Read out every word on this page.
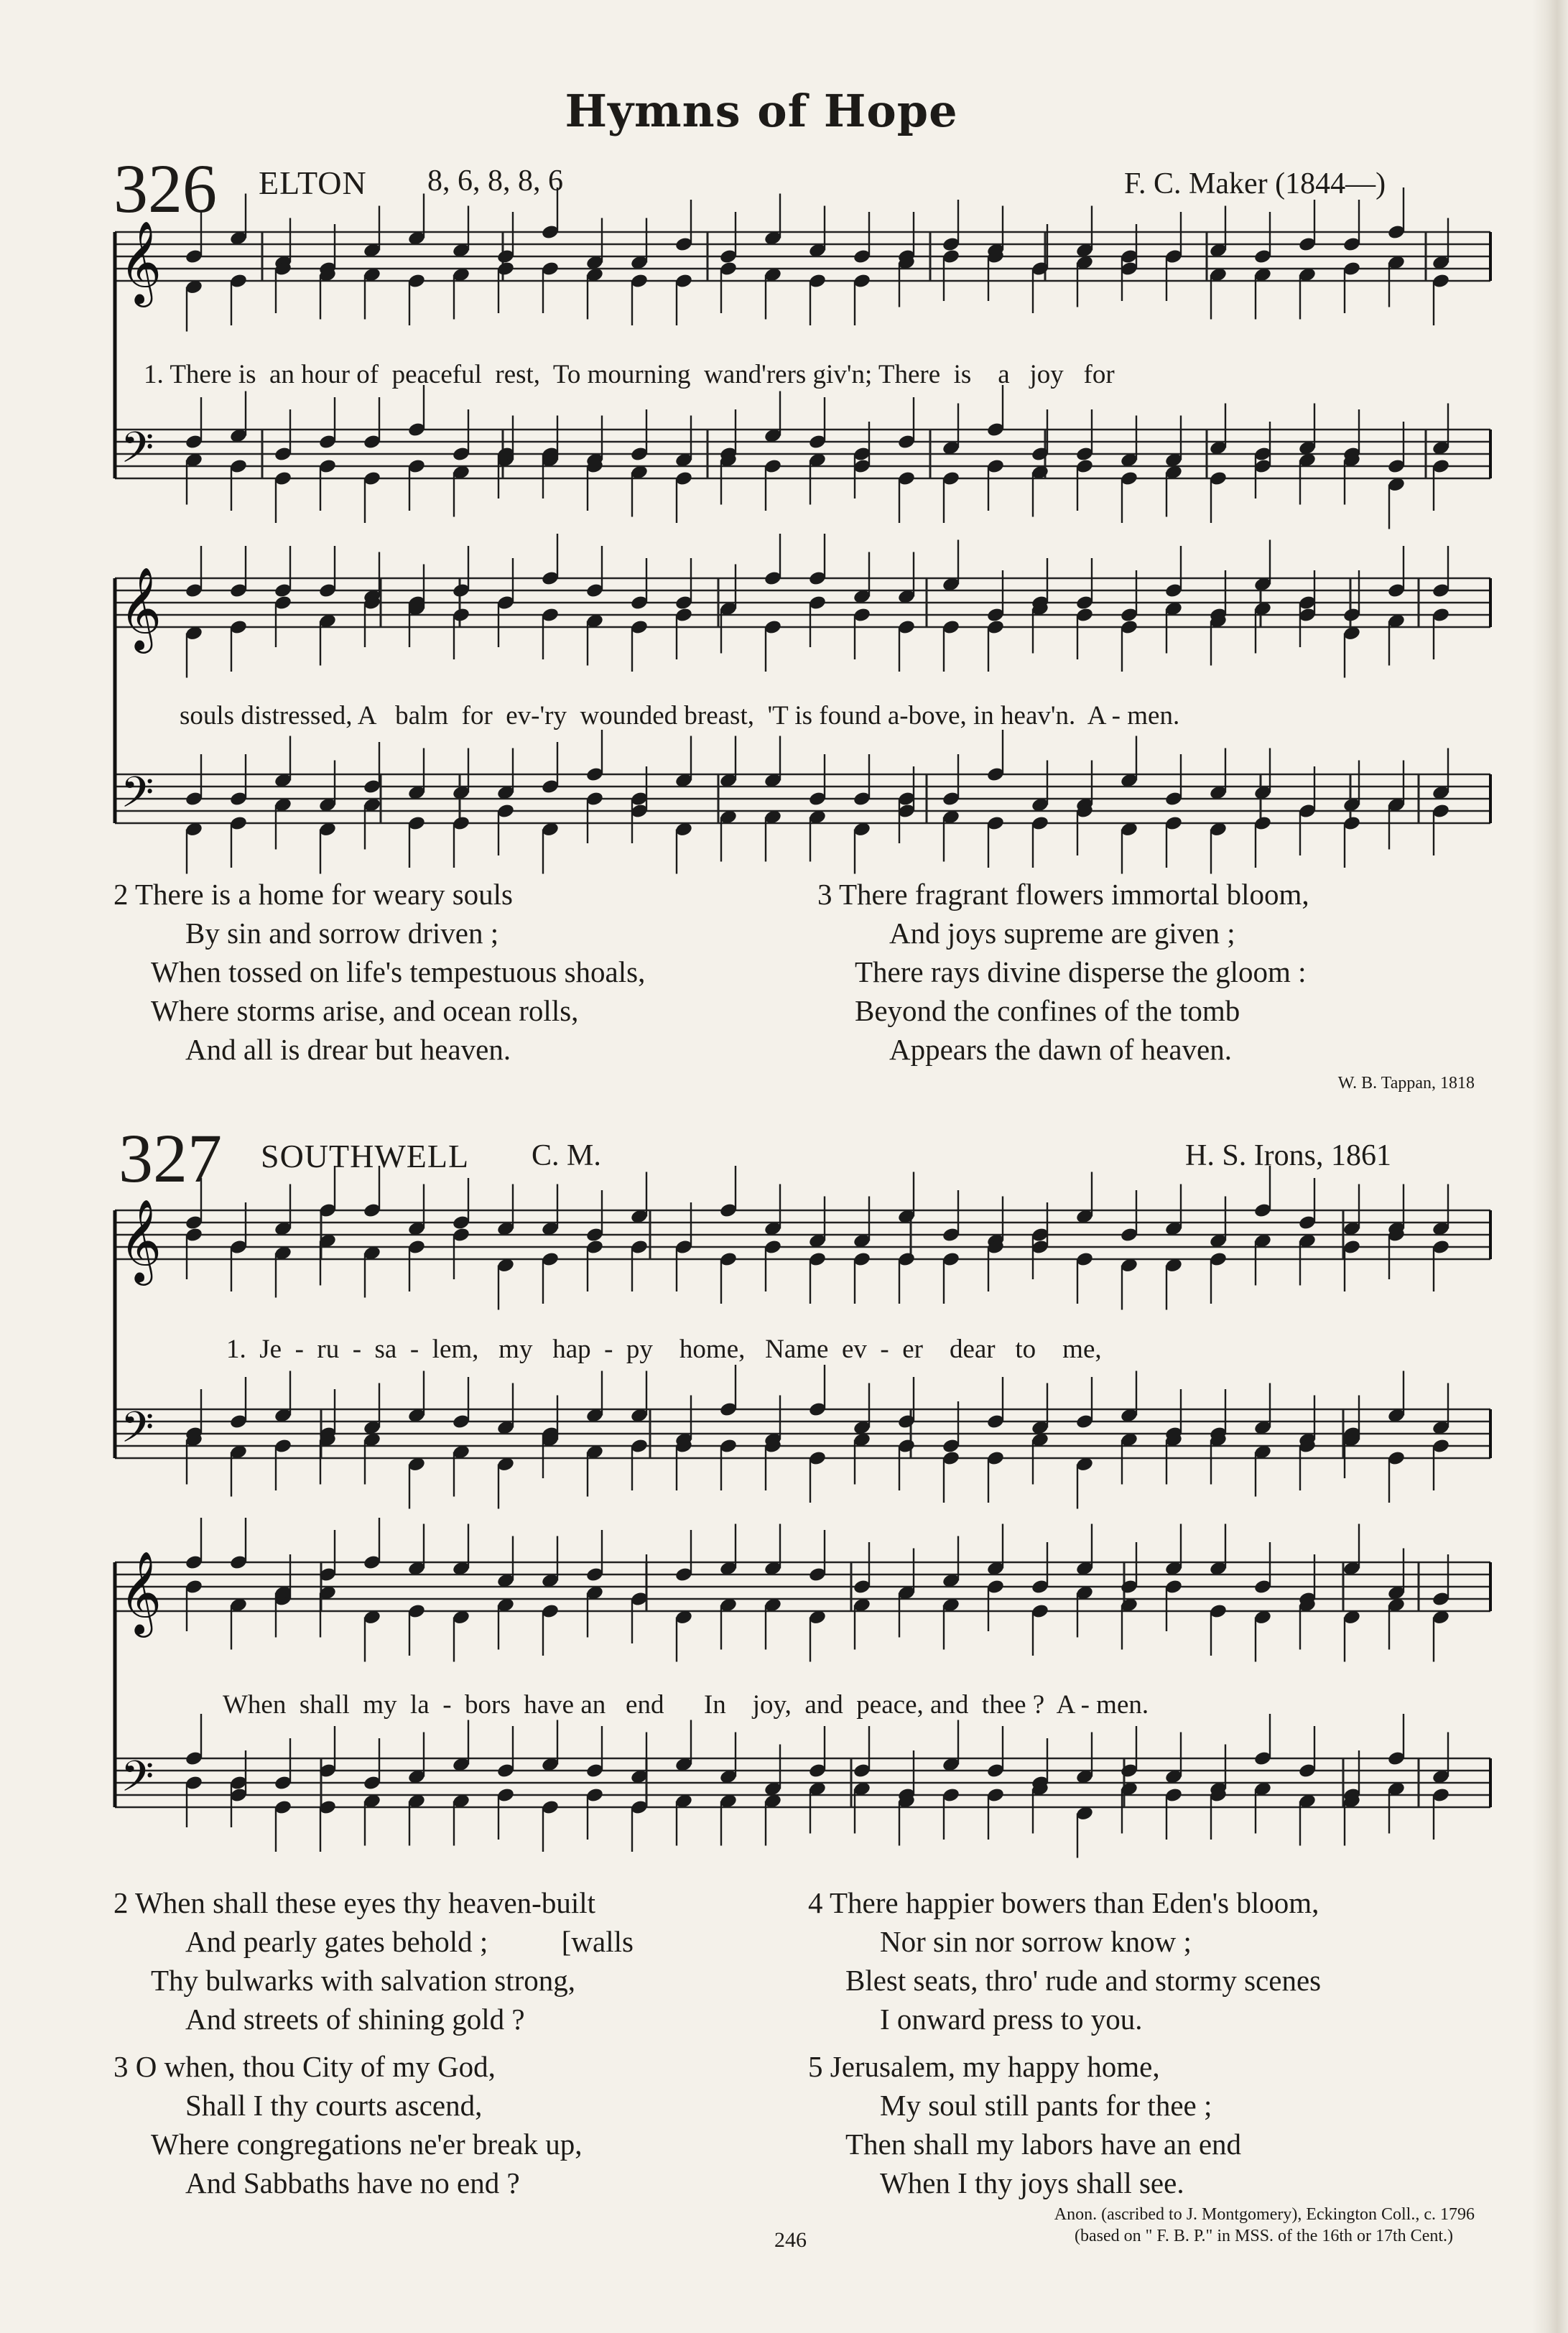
Hymns of Hope
326 ELTON 8, 6, 8, 8, 6	F. C. Maker (1844—)
327 SOUTHWELL C. M.	H. S. Irons, 1861
𝄞
𝄢
𝄞
𝄢
𝄞
𝄢
𝄞
𝄢
1. There is  an hour of  peaceful  rest,  To mourning  wand'rers giv'n; There  is    a   joy   for
souls distressed, A   balm  for  ev-'ry  wounded breast,  'T is found a-bove, in heav'n.  A - men.
1.  Je  -  ru  -  sa  -  lem,   my   hap  -  py    home,   Name  ev  -  er    dear   to    me,
When  shall  my  la  -  bors  have an   end      In    joy,  and  peace, and  thee ?  A - men.
2 There is a home for weary souls
By sin and sorrow driven ;
When tossed on life's tempestuous shoals,
Where storms arise, and ocean rolls,
And all is drear but heaven.
3 There fragrant flowers immortal bloom,
And joys supreme are given ;
There rays divine disperse the gloom :
Beyond the confines of the tomb
Appears the dawn of heaven.
W. B. Tappan, 1818
2 When shall these eyes thy heaven-built
And pearly gates behold ;          [walls
Thy bulwarks with salvation strong,
And streets of shining gold ?
3 O when, thou City of my God,
Shall I thy courts ascend,
Where congregations ne'er break up,
And Sabbaths have no end ?
4 There happier bowers than Eden's bloom,
Nor sin nor sorrow know ;
Blest seats, thro' rude and stormy scenes
I onward press to you.
5 Jerusalem, my happy home,
My soul still pants for thee ;
Then shall my labors have an end
When I thy joys shall see.
Anon. (ascribed to J. Montgomery), Eckington Coll., c. 1796
(based on " F. B. P." in MSS. of the 16th or 17th Cent.)
246
